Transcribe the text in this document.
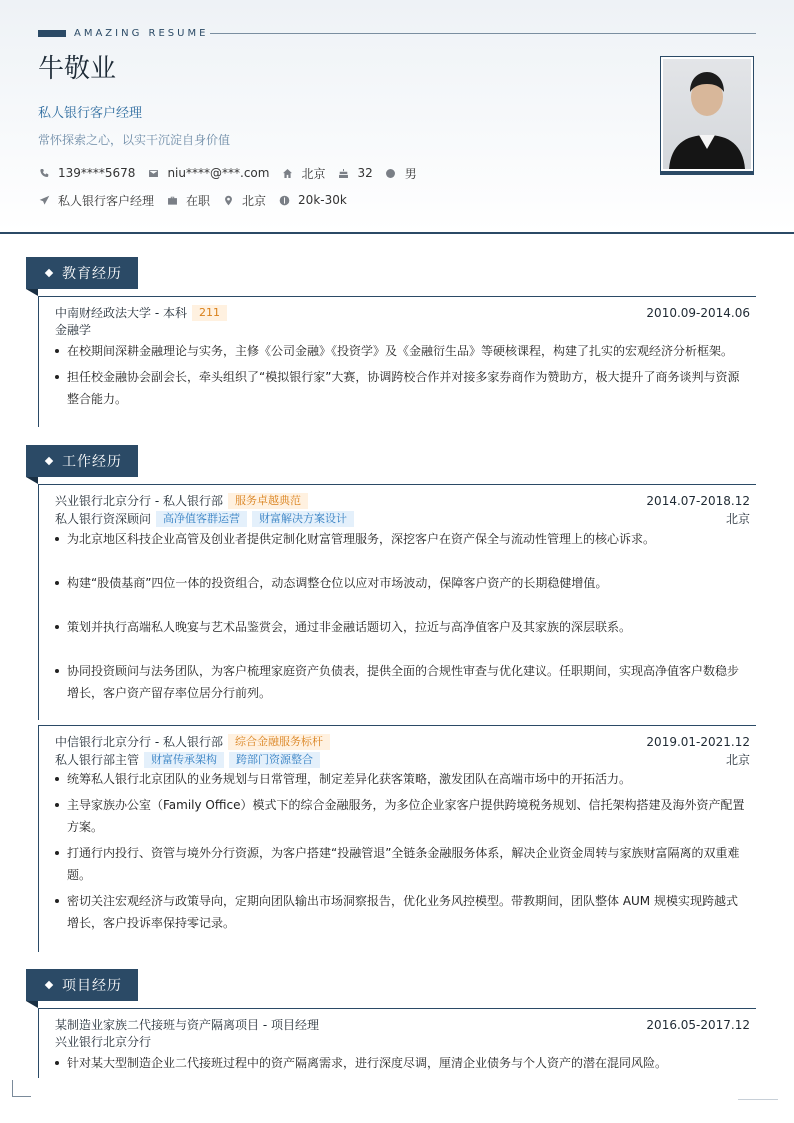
AMAZING RESUME
牛敬业
私人银行客户经理
常怀探索之心，以实干沉淀自身价值
139****5678	niu****@***.com	北京	32	男
私人银行客户经理	在职	北京	20k-30k
教育经历
中南财经政法大学 - 本科	211	2010.09-2014.06
金融学
在校期间深耕金融理论与实务，主修《公司金融》《投资学》及《金融衍生品》等硬核课程，构建了扎实的宏观经济分析框架。
担任校金融协会副会长，牵头组织了“模拟银行家”大赛，协调跨校合作并对接多家券商作为赞助方，极大提升了商务谈判与资源整合能力。
工作经历
兴业银行北京分行 - 私人银行部	服务卓越典范	2014.07-2018.12
私人银行资深顾问	高净值客群运营	财富解决方案设计	北京
为北京地区科技企业高管及创业者提供定制化财富管理服务，深挖客户在资产保全与流动性管理上的核心诉求。
构建“股债基商”四位一体的投资组合，动态调整仓位以应对市场波动，保障客户资产的长期稳健增值。
策划并执行高端私人晚宴与艺术品鉴赏会，通过非金融话题切入，拉近与高净值客户及其家族的深层联系。
协同投资顾问与法务团队，为客户梳理家庭资产负债表，提供全面的合规性审查与优化建议。任职期间，实现高净值客户数稳步增长，客户资产留存率位居分行前列。
中信银行北京分行 - 私人银行部	综合金融服务标杆	2019.01-2021.12
私人银行部主管	财富传承架构	跨部门资源整合	北京
统筹私人银行北京团队的业务规划与日常管理，制定差异化获客策略，激发团队在高端市场中的开拓活力。
主导家族办公室（Family Office）模式下的综合金融服务，为多位企业家客户提供跨境税务规划、信托架构搭建及海外资产配置方案。
打通行内投行、资管与境外分行资源，为客户搭建“投融管退”全链条金融服务体系，解决企业资金周转与家族财富隔离的双重难题。
密切关注宏观经济与政策导向，定期向团队输出市场洞察报告，优化业务风控模型。带教期间，团队整体 AUM 规模实现跨越式增长，客户投诉率保持零记录。
项目经历
某制造业家族二代接班与资产隔离项目 - 项目经理	2016.05-2017.12
兴业银行北京分行
针对某大型制造企业二代接班过程中的资产隔离需求，进行深度尽调，厘清企业债务与个人资产的潜在混同风险。
